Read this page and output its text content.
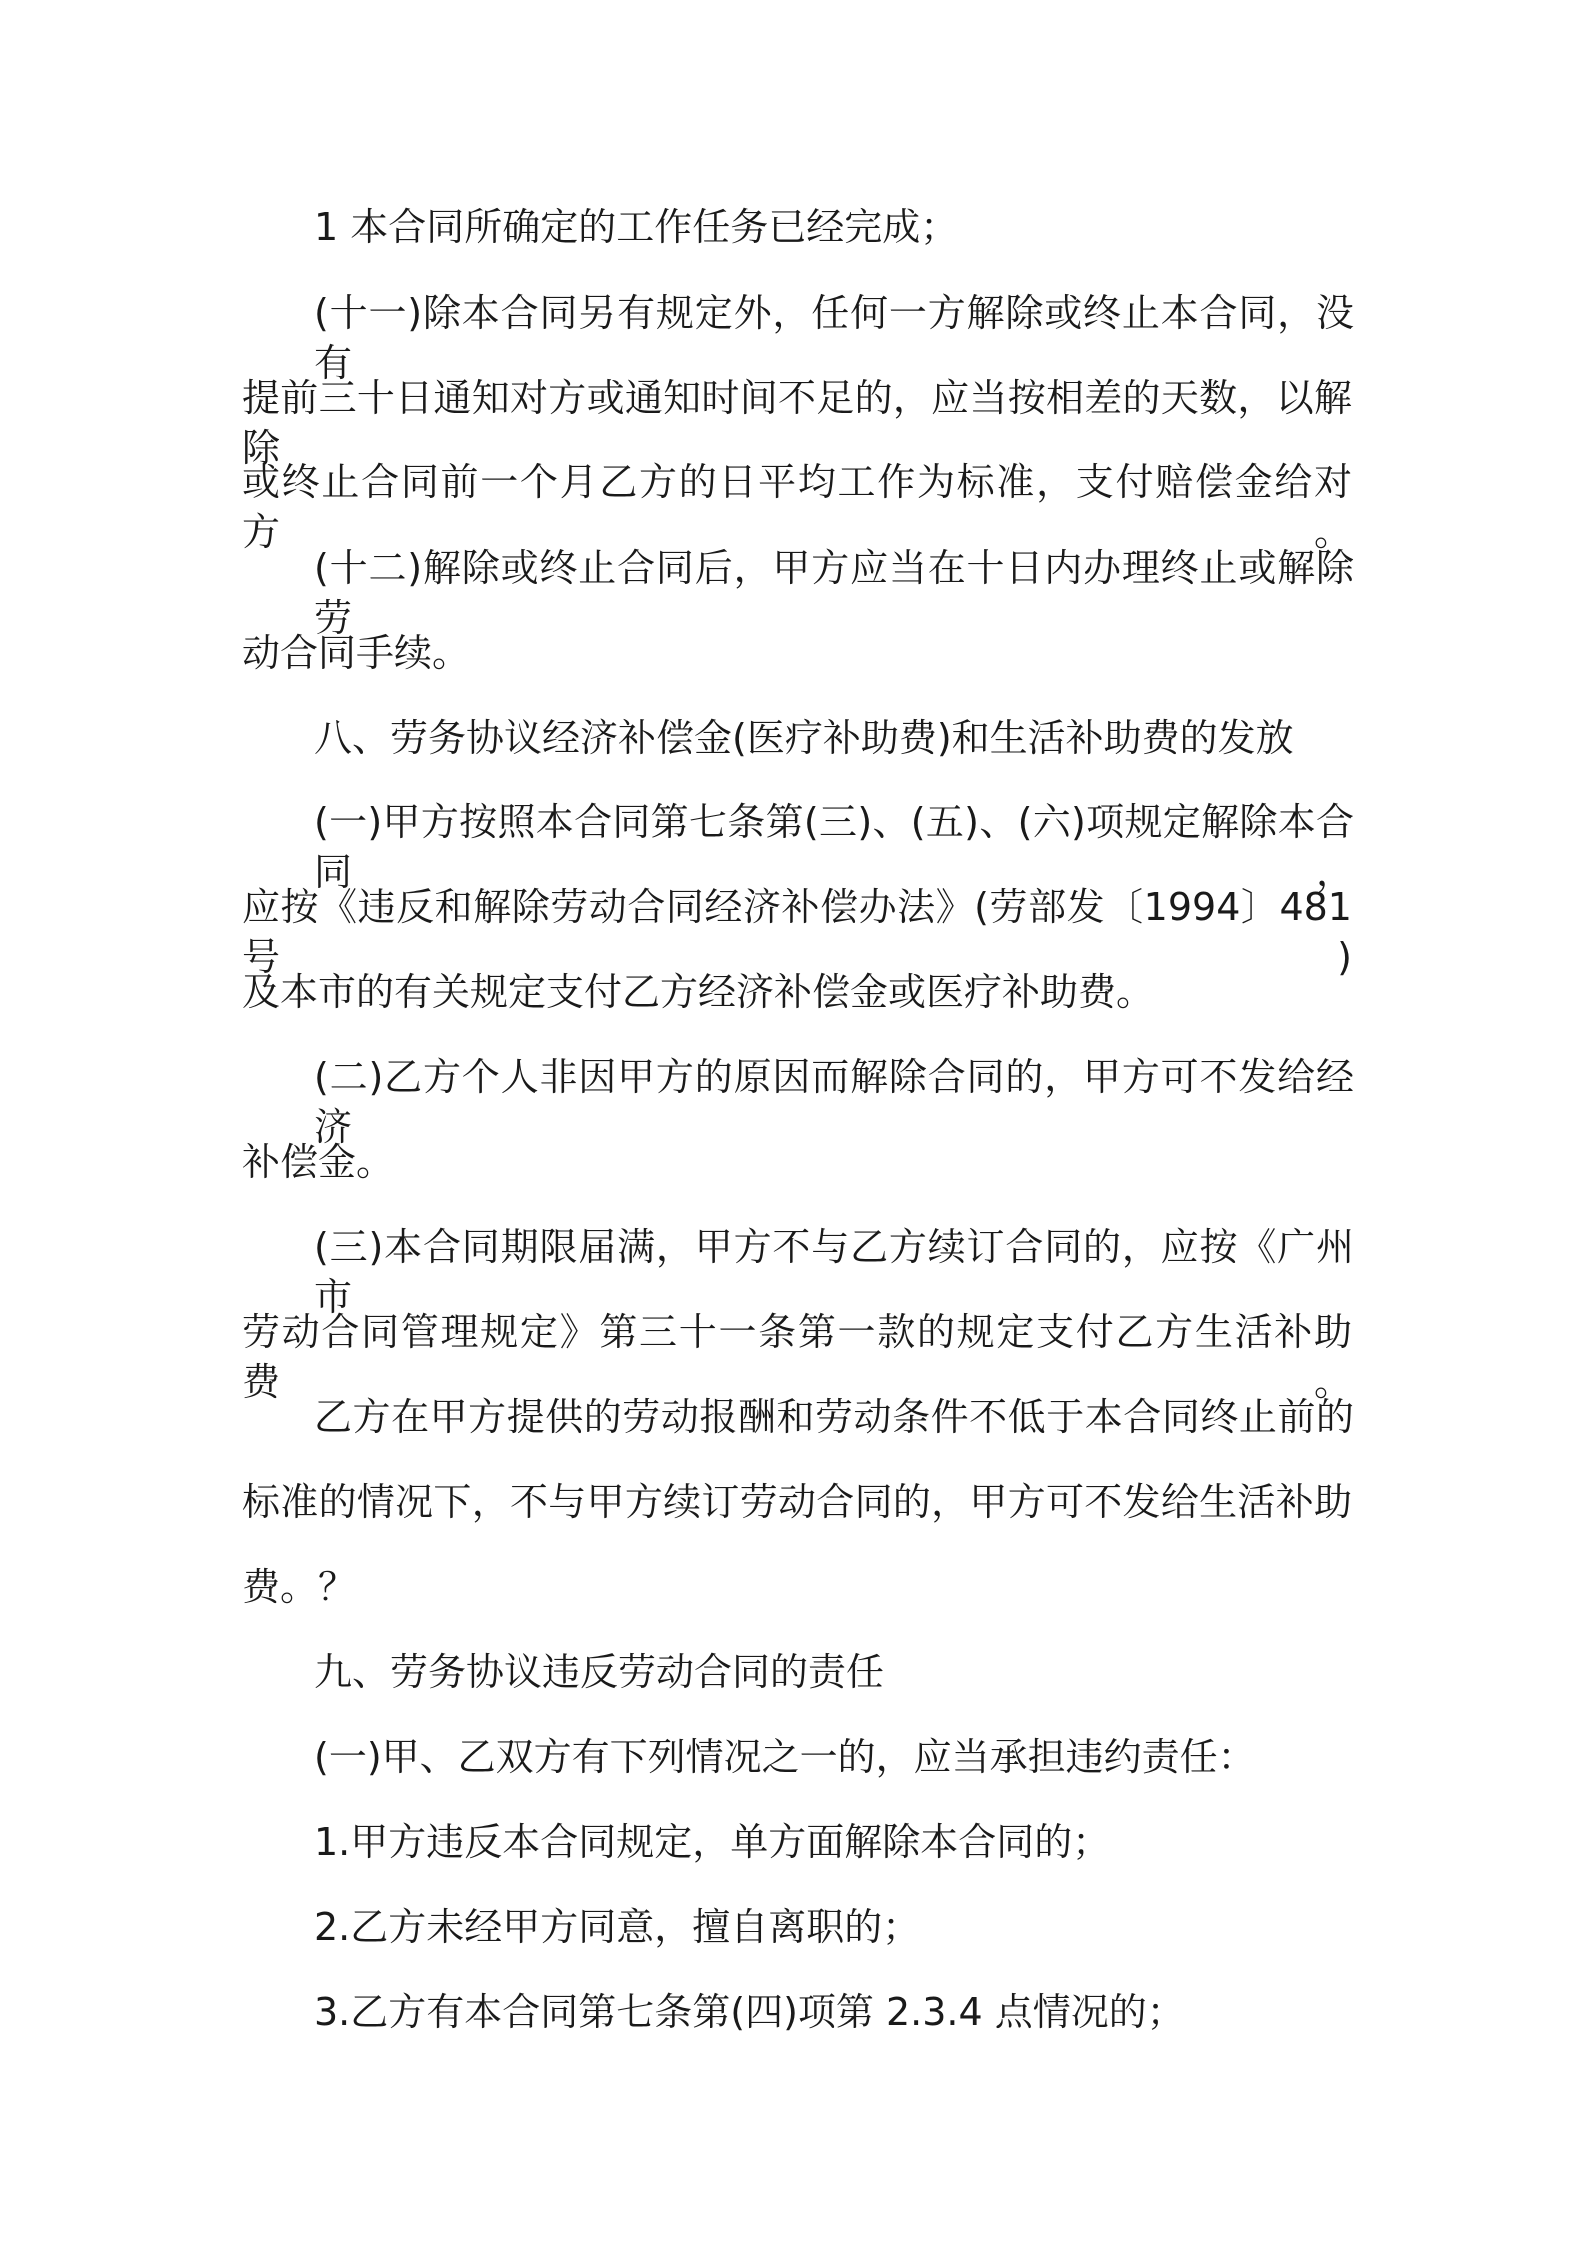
1 本合同所确定的工作任务已经完成；
(十一)除本合同另有规定外，任何一方解除或终止本合同，没有
提前三十日通知对方或通知时间不足的，应当按相差的天数，以解除
或终止合同前一个月乙方的日平均工作为标准，支付赔偿金给对方。
(十二)解除或终止合同后，甲方应当在十日内办理终止或解除劳
动合同手续。
八、劳务协议经济补偿金(医疗补助费)和生活补助费的发放
(一)甲方按照本合同第七条第(三)、(五)、(六)项规定解除本合同，
应按《违反和解除劳动合同经济补偿办法》(劳部发〔1994〕481 号)
及本市的有关规定支付乙方经济补偿金或医疗补助费。
(二)乙方个人非因甲方的原因而解除合同的，甲方可不发给经济
补偿金。
(三)本合同期限届满，甲方不与乙方续订合同的，应按《广州市
劳动合同管理规定》第三十一条第一款的规定支付乙方生活补助费。
乙方在甲方提供的劳动报酬和劳动条件不低于本合同终止前的
标准的情况下，不与甲方续订劳动合同的，甲方可不发给生活补助
费。？
九、劳务协议违反劳动合同的责任
(一)甲、乙双方有下列情况之一的，应当承担违约责任：
1.甲方违反本合同规定，单方面解除本合同的；
2.乙方未经甲方同意，擅自离职的；
3.乙方有本合同第七条第(四)项第 2.3.4 点情况的；
